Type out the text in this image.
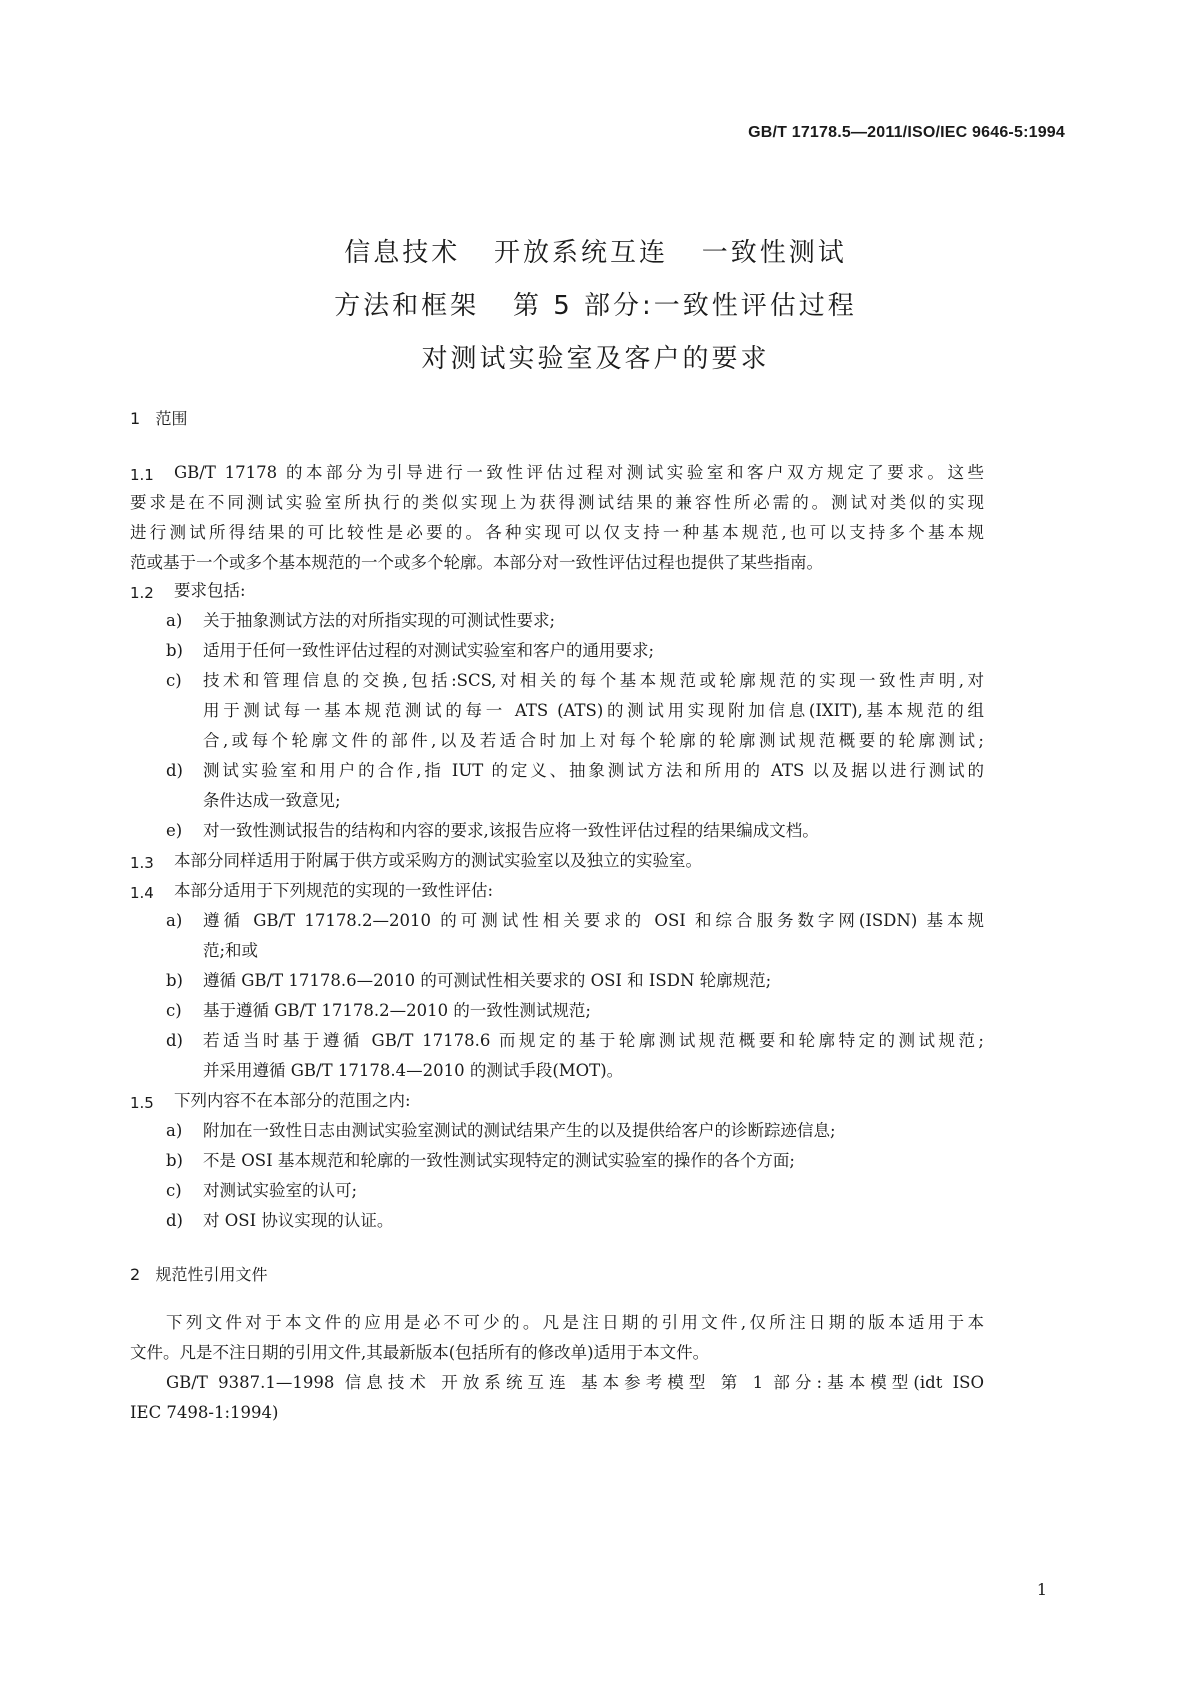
GB/T 17178.5—2011/ISO/IEC 9646-5:1994
信息技术   开放系统互连   一致性测试
方法和框架   第 5 部分:一致性评估过程
对测试实验室及客户的要求
1   范围
1.1 GB/T 17178 的本部分为引导进行一致性评估过程对测试实验室和客户双方规定了要求。这些
要求是在不同测试实验室所执行的类似实现上为获得测试结果的兼容性所必需的。测试对类似的实现
进行测试所得结果的可比较性是必要的。各种实现可以仅支持一种基本规范,也可以支持多个基本规
范或基于一个或多个基本规范的一个或多个轮廓。本部分对一致性评估过程也提供了某些指南。
1.2 要求包括:
a) 关于抽象测试方法的对所指实现的可测试性要求;
b) 适用于任何一致性评估过程的对测试实验室和客户的通用要求;
c) 技术和管理信息的交换,包括:SCS,对相关的每个基本规范或轮廓规范的实现一致性声明,对
用于测试每一基本规范测试的每一 ATS (ATS)的测试用实现附加信息(IXIT),基本规范的组
合,或每个轮廓文件的部件,以及若适合时加上对每个轮廓的轮廓测试规范概要的轮廓测试;
d) 测试实验室和用户的合作,指 IUT 的定义、抽象测试方法和所用的 ATS 以及据以进行测试的
条件达成一致意见;
e) 对一致性测试报告的结构和内容的要求,该报告应将一致性评估过程的结果编成文档。
1.3 本部分同样适用于附属于供方或采购方的测试实验室以及独立的实验室。
1.4 本部分适用于下列规范的实现的一致性评估:
a) 遵循 GB/T 17178.2—2010 的可测试性相关要求的 OSI 和综合服务数字网(ISDN) 基本规
范;和或
b) 遵循 GB/T 17178.6—2010 的可测试性相关要求的 OSI 和 ISDN 轮廓规范;
c) 基于遵循 GB/T 17178.2—2010 的一致性测试规范;
d) 若适当时基于遵循 GB/T 17178.6 而规定的基于轮廓测试规范概要和轮廓特定的测试规范;
并采用遵循 GB/T 17178.4—2010 的测试手段(MOT)。
1.5 下列内容不在本部分的范围之内:
a) 附加在一致性日志由测试实验室测试的测试结果产生的以及提供给客户的诊断踪迹信息;
b) 不是 OSI 基本规范和轮廓的一致性测试实现特定的测试实验室的操作的各个方面;
c) 对测试实验室的认可;
d) 对 OSI 协议实现的认证。
2   规范性引用文件
下列文件对于本文件的应用是必不可少的。凡是注日期的引用文件,仅所注日期的版本适用于本
文件。凡是不注日期的引用文件,其最新版本(包括所有的修改单)适用于本文件。
GB/T 9387.1—1998 信息技术 开放系统互连 基本参考模型 第 1 部分:基本模型(idt ISO
IEC 7498-1:1994)
1
